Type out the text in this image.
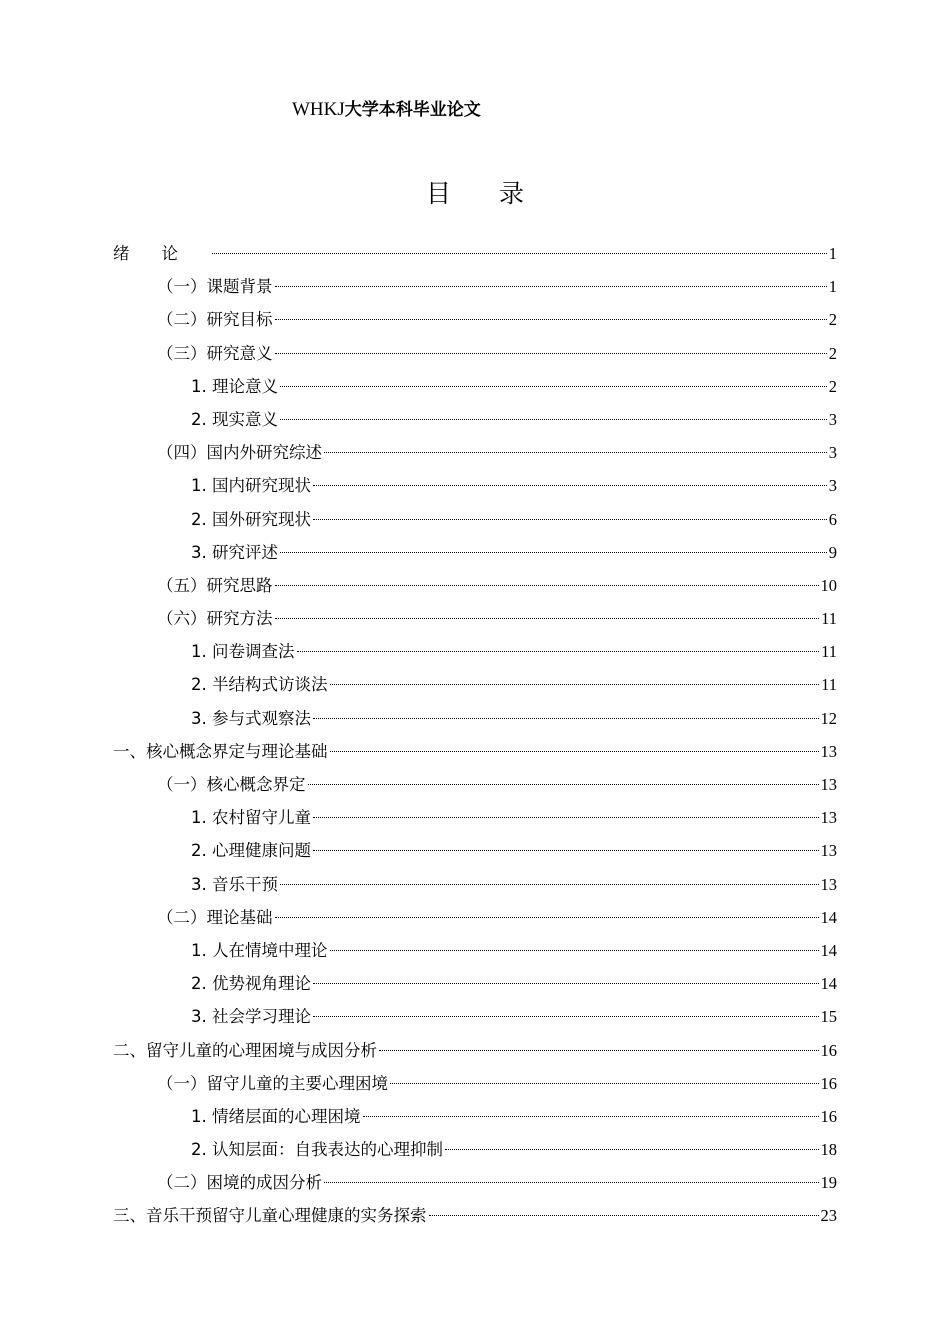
WHKJ大学本科毕业论文
目录
绪论	1
（一）课题背景	1
（二）研究目标	2
（三）研究意义	2
1. 理论意义	2
2. 现实意义	3
（四）国内外研究综述	3
1. 国内研究现状	3
2. 国外研究现状	6
3. 研究评述	9
（五）研究思路	10
（六）研究方法	11
1. 问卷调查法	11
2. 半结构式访谈法	11
3. 参与式观察法	12
一、核心概念界定与理论基础	13
（一）核心概念界定	13
1. 农村留守儿童	13
2. 心理健康问题	13
3. 音乐干预	13
（二）理论基础	14
1. 人在情境中理论	14
2. 优势视角理论	14
3. 社会学习理论	15
二、留守儿童的心理困境与成因分析	16
（一）留守儿童的主要心理困境	16
1. 情绪层面的心理困境	16
2. 认知层面：自我表达的心理抑制	18
（二）困境的成因分析	19
三、音乐干预留守儿童心理健康的实务探索	23
